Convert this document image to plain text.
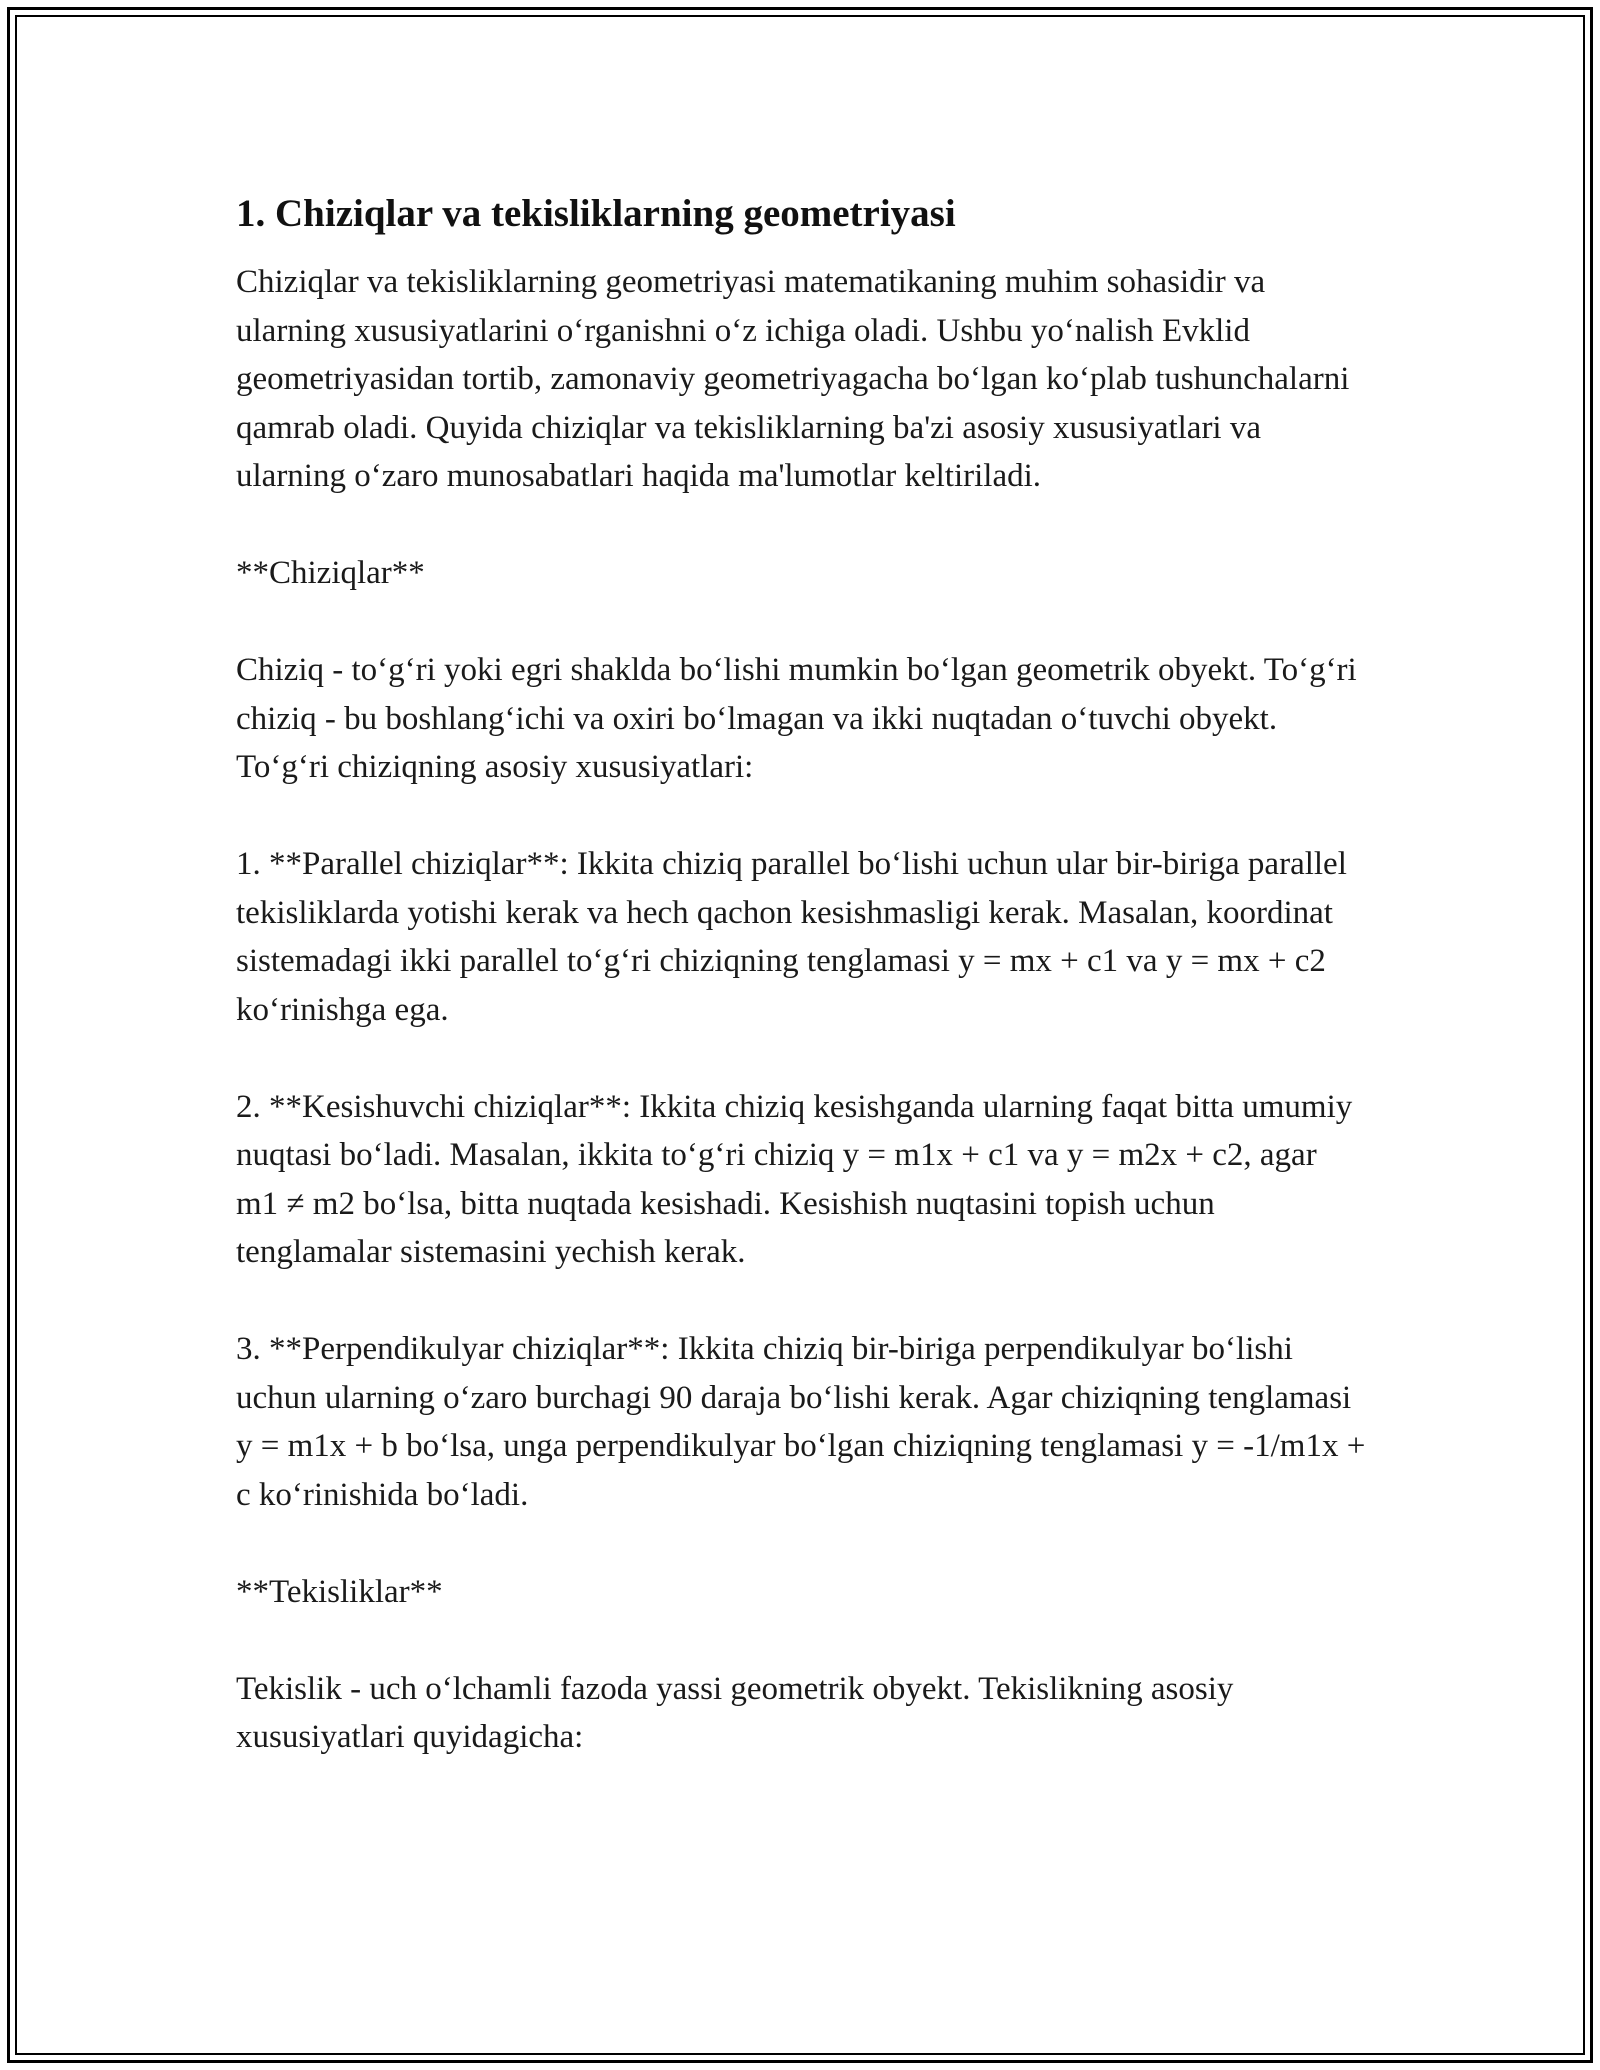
1. Chiziqlar va tekisliklarning geometriyasi

Chiziqlar va tekisliklarning geometriyasi matematikaning muhim sohasidir va ularning xususiyatlarini o‘rganishni o‘z ichiga oladi. Ushbu yo‘nalish Evklid geometriyasidan tortib, zamonaviy geometriyagacha bo‘lgan ko‘plab tushunchalarni qamrab oladi. Quyida chiziqlar va tekisliklarning ba'zi asosiy xususiyatlari va ularning o‘zaro munosabatlari haqida ma'lumotlar keltiriladi.

**Chiziqlar**

Chiziq - to‘g‘ri yoki egri shaklda bo‘lishi mumkin bo‘lgan geometrik obyekt. To‘g‘ri chiziq - bu boshlang‘ichi va oxiri bo‘lmagan va ikki nuqtadan o‘tuvchi obyekt. To‘g‘ri chiziqning asosiy xususiyatlari:

1. **Parallel chiziqlar**: Ikkita chiziq parallel bo‘lishi uchun ular bir-biriga parallel tekisliklarda yotishi kerak va hech qachon kesishmasligi kerak. Masalan, koordinat sistemadagi ikki parallel to‘g‘ri chiziqning tenglamasi y = mx + c1 va y = mx + c2 ko‘rinishga ega.

2. **Kesishuvchi chiziqlar**: Ikkita chiziq kesishganda ularning faqat bitta umumiy nuqtasi bo‘ladi. Masalan, ikkita to‘g‘ri chiziq y = m1x + c1 va y = m2x + c2, agar m1 ≠ m2 bo‘lsa, bitta nuqtada kesishadi. Kesishish nuqtasini topish uchun tenglamalar sistemasini yechish kerak.

3. **Perpendikulyar chiziqlar**: Ikkita chiziq bir-biriga perpendikulyar bo‘lishi uchun ularning o‘zaro burchagi 90 daraja bo‘lishi kerak. Agar chiziqning tenglamasi y = m1x + b bo‘lsa, unga perpendikulyar bo‘lgan chiziqning tenglamasi y = -1/m1x + c ko‘rinishida bo‘ladi.

**Tekisliklar**

Tekislik - uch o‘lchamli fazoda yassi geometrik obyekt. Tekislikning asosiy xususiyatlari quyidagicha:
